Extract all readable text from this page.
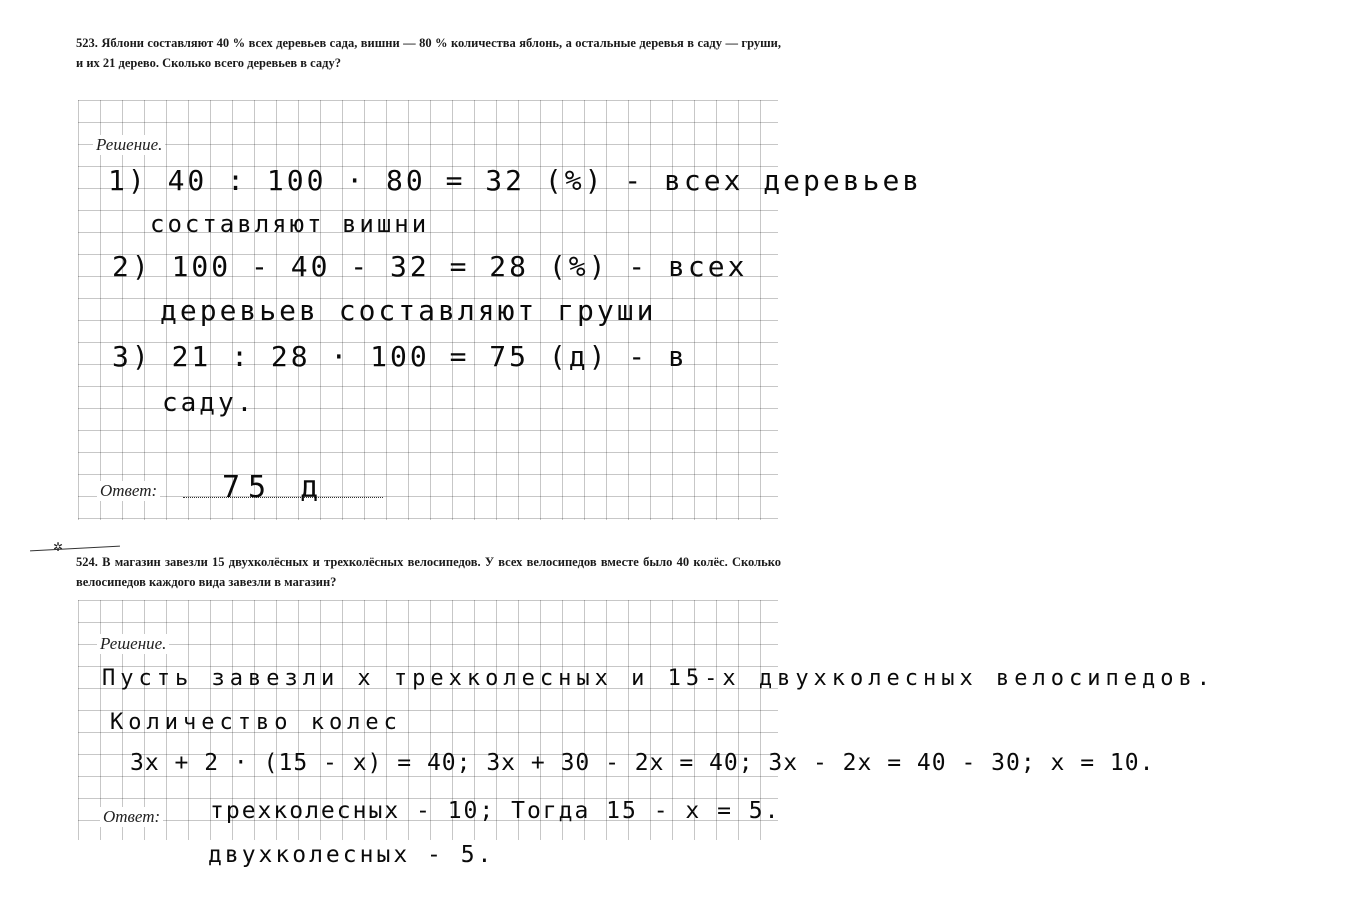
523. Яблони составляют 40 % всех деревьев сада, вишни — 80 % количества яблонь, а остальные деревья в саду — груши, и их 21 дерево. Сколько всего деревьев в саду?
Решение.
1) 40 : 100 · 80 = 32 (%) - всех деревьев
составляют вишни
2) 100 - 40 - 32 = 28 (%) - всех
деревьев составляют груши
3) 21 : 28 · 100 = 75 (д) - в
саду.
Ответ: 75 д
✲
524. В магазин завезли 15 двухколёсных и трехколёсных велосипедов. У всех велосипедов вместе было 40 колёс. Сколько велосипедов каждого вида завезли в магазин?
Решение.
Пусть завезли х трехколесных и 15-х двухколесных велосипедов.
Количество колес
3х + 2 · (15 - х) = 40; 3х + 30 - 2х = 40; 3х - 2х = 40 - 30; х = 10.
Ответ: трехколесных - 10; Тогда 15 - х = 5.
двухколесных - 5.
